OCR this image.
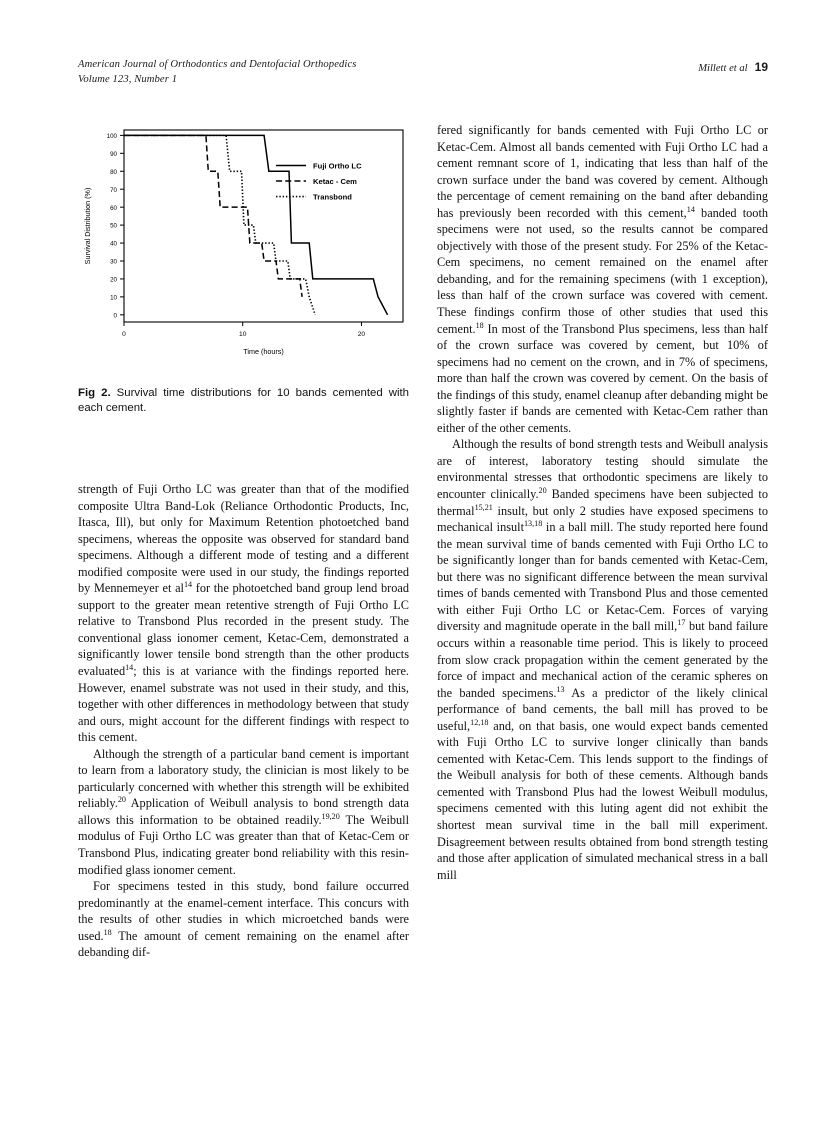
American Journal of Orthodontics and Dentofacial Orthopedics
Volume 123, Number 1
Millett et al 19
0
10
20
30
40
50
60
70
80
90
100
0	10	20
Time (hours)
Survival Distribution (%)
Fuji Ortho LC
Ketac - Cem
Transbond
Fig 2. Survival time distributions for 10 bands cemented with each cement.

strength of Fuji Ortho LC was greater than that of the modified composite Ultra Band-Lok (Reliance Orthodontic Products, Inc, Itasca, Ill), but only for Maximum Retention photoetched band specimens, whereas the opposite was observed for standard band specimens. Although a different mode of testing and a different modified composite were used in our study, the findings reported by Mennemeyer et $al^{14}$ for the photoetched band group lend broad support to the greater mean retentive strength of Fuji Ortho LC relative to Transbond Plus recorded in the present study. The conventional glass ionomer cement, Ketac-Cem, demonstrated a significantly lower tensile bond strength than the other products evaluated$^{14}$; this is at variance with the findings reported here. However, enamel substrate was not used in their study, and this, together with other differences in methodology between that study and ours, might account for the different findings with respect to this cement.

Although the strength of a particular band cement is important to learn from a laboratory study, the clinician is most likely to be particularly concerned with whether this strength will be exhibited reliably.$^{20}$ Application of Weibull analysis to bond strength data allows this information to be obtained readily.$^{19,20}$ The Weibull modulus of Fuji Ortho LC was greater than that of Ketac-Cem or Transbond Plus, indicating greater bond reliability with this resin-modified glass ionomer cement.

For specimens tested in this study, bond failure occurred predominantly at the enamel-cement interface. This concurs with the results of other studies in which microetched bands were used.$^{18}$ The amount of cement remaining on the enamel after debanding dif-

fered significantly for bands cemented with Fuji Ortho LC or Ketac-Cem. Almost all bands cemented with Fuji Ortho LC had a cement remnant score of 1, indicating that less than half of the crown surface under the band was covered by cement. Although the percentage of cement remaining on the band after debanding has previously been recorded with this cement,$^{14}$ banded tooth specimens were not used, so the results cannot be compared objectively with those of the present study. For 25% of the Ketac-Cem specimens, no cement remained on the enamel after debanding, and for the remaining specimens (with 1 exception), less than half of the crown surface was covered with cement. These findings confirm those of other studies that used this cement.$^{18}$ In most of the Transbond Plus specimens, less than half of the crown surface was covered by cement, but 10% of specimens had no cement on the crown, and in 7% of specimens, more than half the crown was covered by cement. On the basis of the findings of this study, enamel cleanup after debanding might be slightly faster if bands are cemented with Ketac-Cem rather than either of the other cements.

Although the results of bond strength tests and Weibull analysis are of interest, laboratory testing should simulate the environmental stresses that orthodontic specimens are likely to encounter clinically.$^{20}$ Banded specimens have been subjected to thermal$^{15,21}$ insult, but only 2 studies have exposed specimens to mechanical insult$^{13,18}$ in a ball mill. The study reported here found the mean survival time of bands cemented with Fuji Ortho LC to be significantly longer than for bands cemented with Ketac-Cem, but there was no significant difference between the mean survival times of bands cemented with Transbond Plus and those cemented with either Fuji Ortho LC or Ketac-Cem. Forces of varying diversity and magnitude operate in the ball mill,$^{17}$ but band failure occurs within a reasonable time period. This is likely to proceed from slow crack propagation within the cement generated by the force of impact and mechanical action of the ceramic spheres on the banded specimens.$^{13}$ As a predictor of the likely clinical performance of band cements, the ball mill has proved to be useful,$^{12,18}$ and, on that basis, one would expect bands cemented with Fuji Ortho LC to survive longer clinically than bands cemented with Ketac-Cem. This lends support to the findings of the Weibull analysis for both of these cements. Although bands cemented with Transbond Plus had the lowest Weibull modulus, specimens cemented with this luting agent did not exhibit the shortest mean survival time in the ball mill experiment. Disagreement between results obtained from bond strength testing and those after application of simulated mechanical stress in a ball mill
